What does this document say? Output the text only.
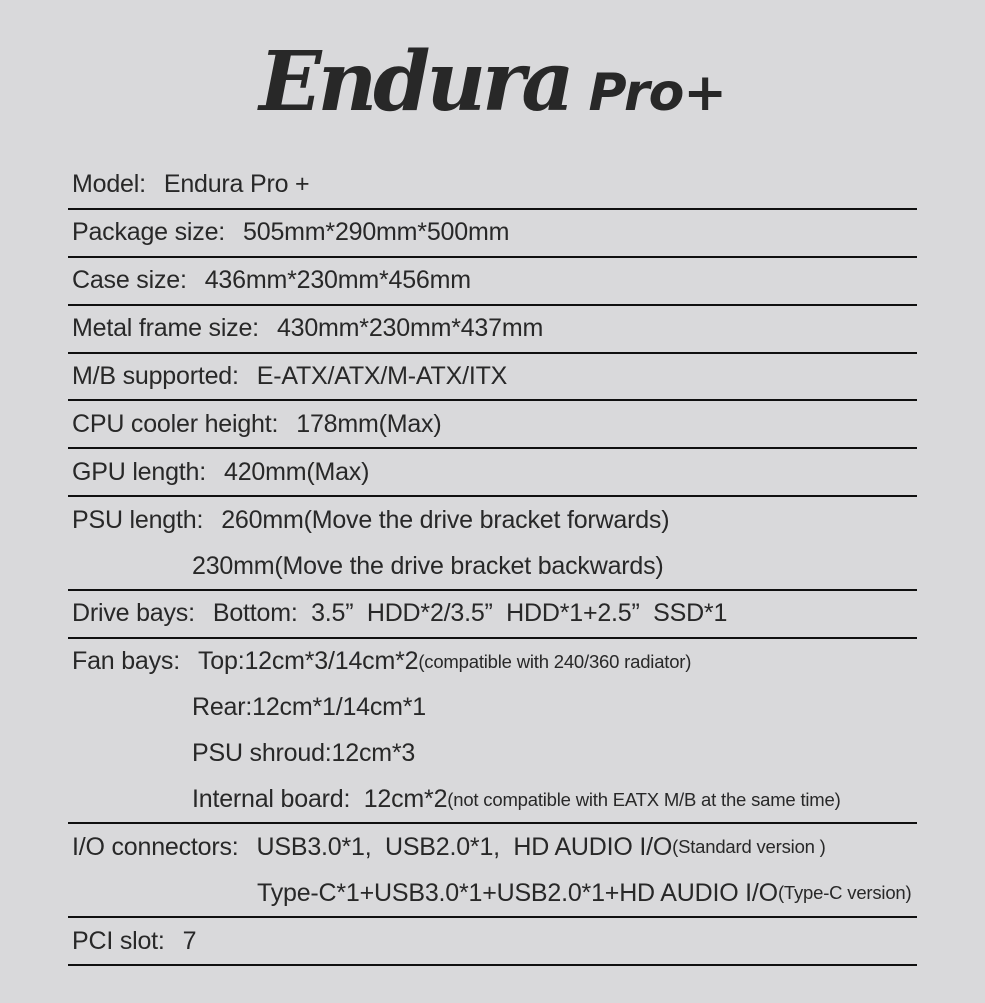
Endura Pro+
Model: Endura Pro +
Package size: 505mm*290mm*500mm
Case size: 436mm*230mm*456mm
Metal frame size: 430mm*230mm*437mm
M/B supported: E-ATX/ATX/M-ATX/ITX
CPU cooler height: 178mm(Max)
GPU length: 420mm(Max)
PSU length: 260mm(Move the drive bracket forwards)
230mm(Move the drive bracket backwards)
Drive bays: Bottom:  3.5”  HDD*2/3.5”  HDD*1+2.5”  SSD*1
Fan bays: Top:12cm*3/14cm*2 (compatible with 240/360 radiator)
Rear:12cm*1/14cm*1
PSU shroud:12cm*3
Internal board:  12cm*2 (not compatible with EATX M/B at the same time)
I/O connectors: USB3.0*1,  USB2.0*1,  HD AUDIO I/O (Standard version )
Type-C*1+USB3.0*1+USB2.0*1+HD AUDIO I/O (Type-C version)
PCI slot: 7
